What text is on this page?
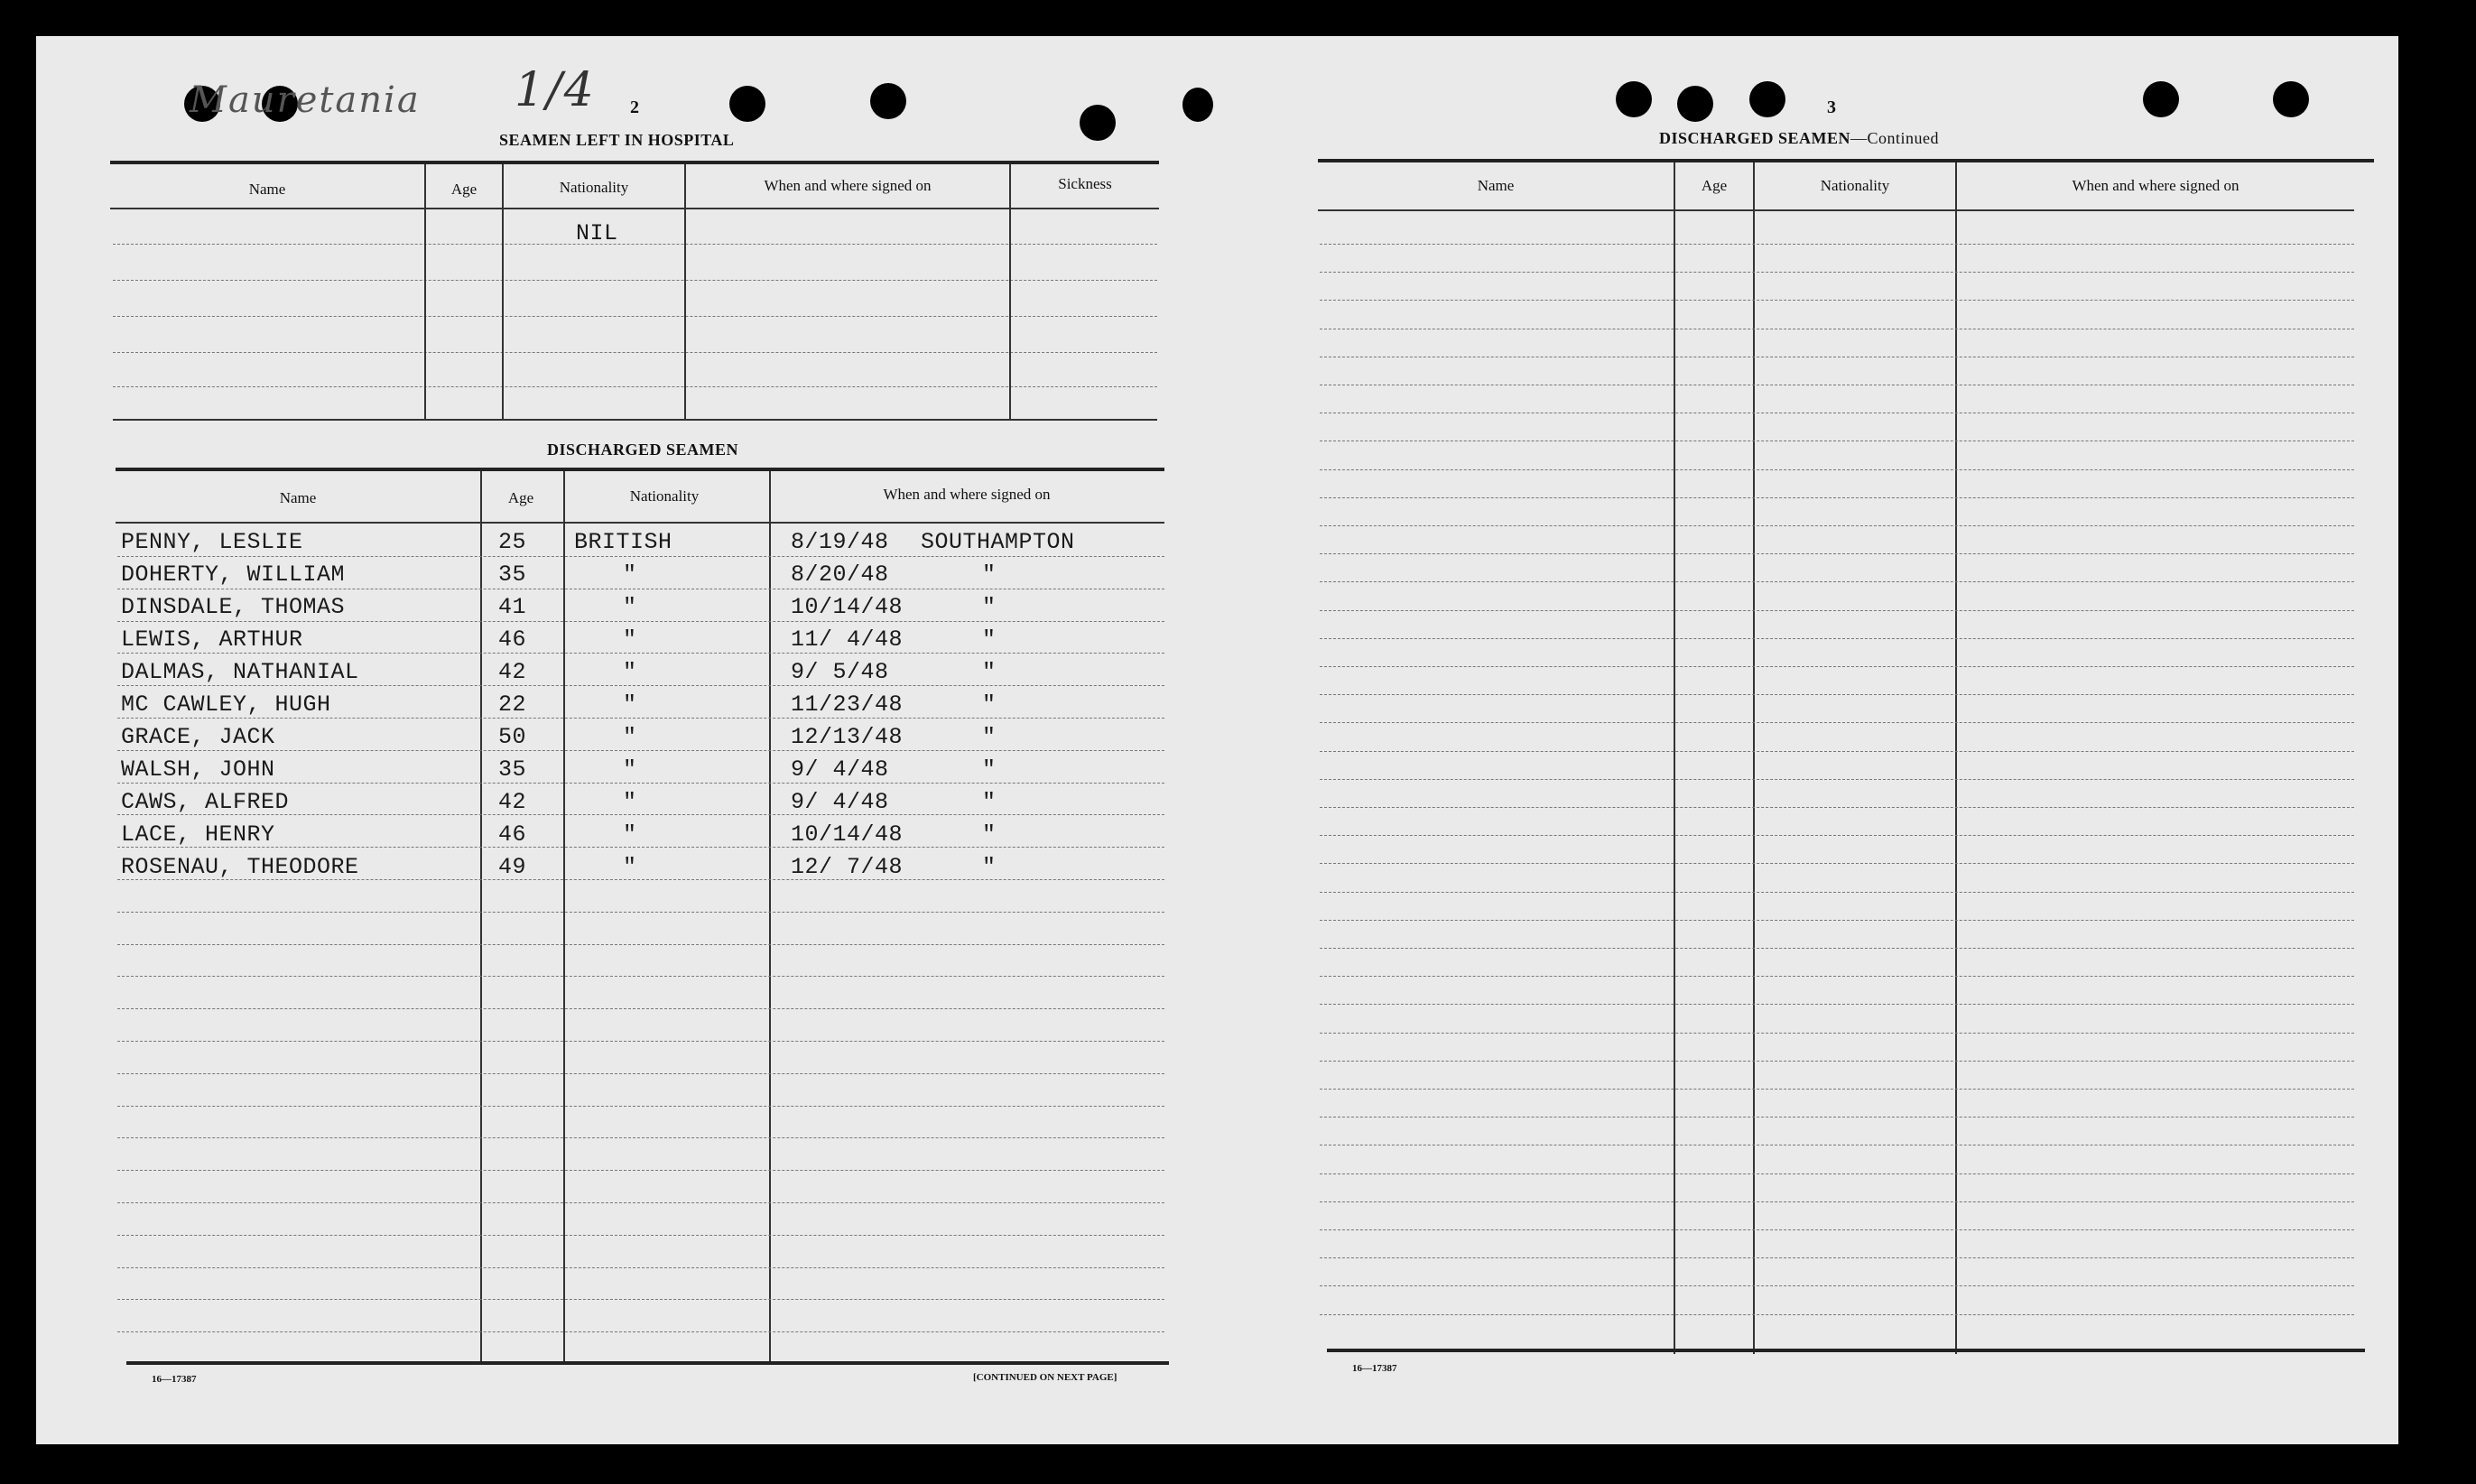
Mauretania 1/4 2
SEAMEN LEFT IN HOSPITAL
Name	Age	Nationality	When and where signed on	Sickness
NIL
DISCHARGED SEAMEN
Name	Age	Nationality	When and where signed on
PENNY, LESLIE	25 BRITISH	8/19/48 SOUTHAMPTON
DOHERTY, WILLIAM	35	"	8/20/48	"
DINSDALE, THOMAS	41	"	10/14/48	"
LEWIS, ARTHUR	46	"	11/ 4/48	"
DALMAS, NATHANIAL	42	"	9/ 5/48	"
MC CAWLEY, HUGH	22	"	11/23/48	"
GRACE, JACK	50	"	12/13/48	"
WALSH, JOHN	35	"	9/ 4/48	"
CAWS, ALFRED	42	"	9/ 4/48	"
LACE, HENRY	46	"	10/14/48	"
ROSENAU, THEODORE	49	"	12/ 7/48	"
16—17387	[CONTINUED ON NEXT PAGE]
3
DISCHARGED SEAMEN—Continued
Name	Age	Nationality	When and where signed on
16—17387
